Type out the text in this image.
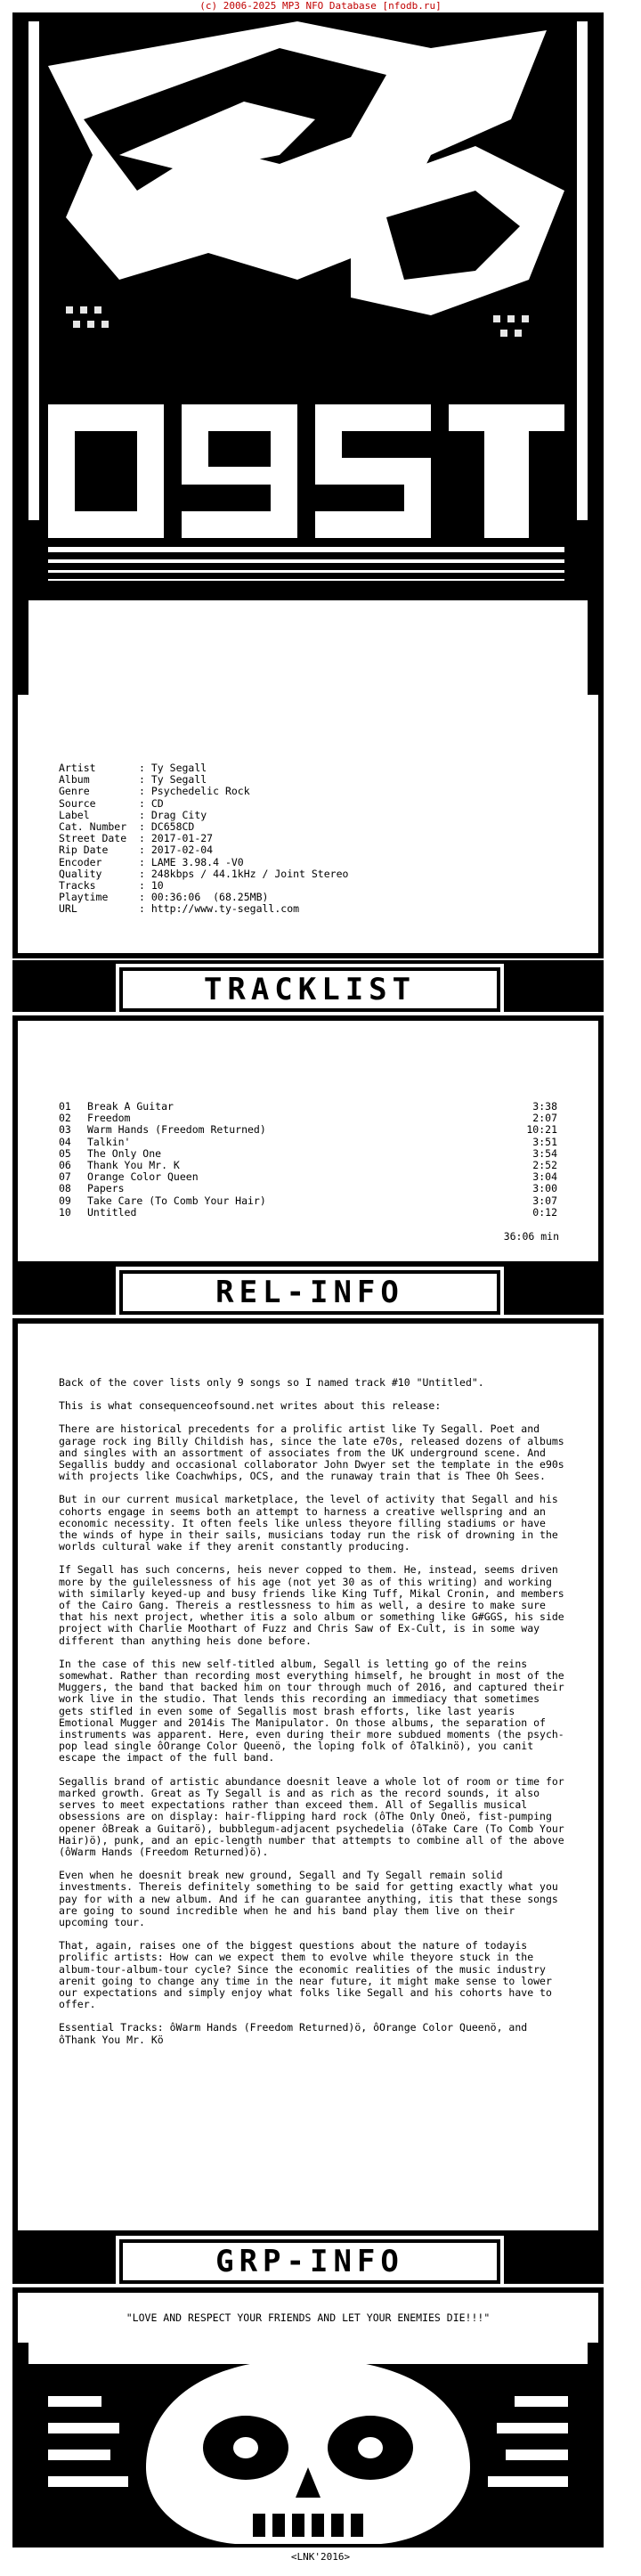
(c) 2006-2025 MP3 NFO Database [nfodb.ru]
Artist       : Ty Segall
Album        : Ty Segall
Genre        : Psychedelic Rock
Source       : CD
Label        : Drag City
Cat. Number  : DC658CD
Street Date  : 2017-01-27
Rip Date     : 2017-02-04
Encoder      : LAME 3.98.4 -V0
Quality      : 248kbps / 44.1kHz / Joint Stereo
Tracks       : 10
Playtime     : 00:36:06  (68.25MB)
URL          : http://www.ty-segall.com
TRACKLIST
01	Break A Guitar	3:38
02	Freedom	2:07
03	Warm Hands (Freedom Returned)	10:21
04	Talkin'	3:51
05	The Only One	3:54
06	Thank You Mr. K	2:52
07	Orange Color Queen	3:04
08	Papers	3:00
09	Take Care (To Comb Your Hair)	3:07
10	Untitled	0:12
36:06 min
REL-INFO

Back of the cover lists only 9 songs so I named track #10 "Untitled".

This is what consequenceofsound.net writes about this release:

There are historical precedents for a prolific artist like Ty Segall. Poet and garage rock ing Billy Childish has, since the late e70s, released dozens of albums and singles with an assortment of associates from the UK underground scene. And Segallis buddy and occasional collaborator John Dwyer set the template in the e90s with projects like Coachwhips, OCS, and the runaway train that is Thee Oh Sees.

But in our current musical marketplace, the level of activity that Segall and his cohorts engage in seems both an attempt to harness a creative wellspring and an economic necessity. It often feels like unless theyore filling stadiums or have the winds of hype in their sails, musicians today run the risk of drowning in the worlds cultural wake if they arenit constantly producing.

If Segall has such concerns, heis never copped to them. He, instead, seems driven more by the guilelessness of his age (not yet 30 as of this writing) and working with similarly keyed-up and busy friends like King Tuff, Mikal Cronin, and members of the Cairo Gang. Thereis a restlessness to him as well, a desire to make sure that his next project, whether itis a solo album or something like G#GGS, his side project with Charlie Moothart of Fuzz and Chris Saw of Ex-Cult, is in some way different than anything heis done before.

In the case of this new self-titled album, Segall is letting go of the reins somewhat. Rather than recording most everything himself, he brought in most of the Muggers, the band that backed him on tour through much of 2016, and captured their work live in the studio. That lends this recording an immediacy that sometimes gets stifled in even some of Segallis most brash efforts, like last yearis Emotional Mugger and 2014is The Manipulator. On those albums, the separation of instruments was apparent. Here, even during their more subdued moments (the psych-pop lead single ôOrange Color Queenö, the loping folk of ôTalkinö), you canit escape the impact of the full band.

Segallis brand of artistic abundance doesnit leave a whole lot of room or time for marked growth. Great as Ty Segall is and as rich as the record sounds, it also serves to meet expectations rather than exceed them. All of Segallis musical obsessions are on display: hair-flipping hard rock (ôThe Only Oneö, fist-pumping opener ôBreak a Guitarö), bubblegum-adjacent psychedelia (ôTake Care (To Comb Your Hair)ö), punk, and an epic-length number that attempts to combine all of the above (ôWarm Hands (Freedom Returned)ö).

Even when he doesnit break new ground, Segall and Ty Segall remain solid investments. Thereis definitely something to be said for getting exactly what you pay for with a new album. And if he can guarantee anything, itis that these songs are going to sound incredible when he and his band play them live on their upcoming tour.

That, again, raises one of the biggest questions about the nature of todayis prolific artists: How can we expect them to evolve while theyore stuck in the album-tour-album-tour cycle? Since the economic realities of the music industry arenit going to change any time in the near future, it might make sense to lower our expectations and simply enjoy what folks like Segall and his cohorts have to offer.

Essential Tracks: ôWarm Hands (Freedom Returned)ö, ôOrange Color Queenö, and ôThank You Mr. Kö

GRP-INFO
"LOVE AND RESPECT YOUR FRIENDS AND LET YOUR ENEMIES DIE!!!"
<LNK'2016>
